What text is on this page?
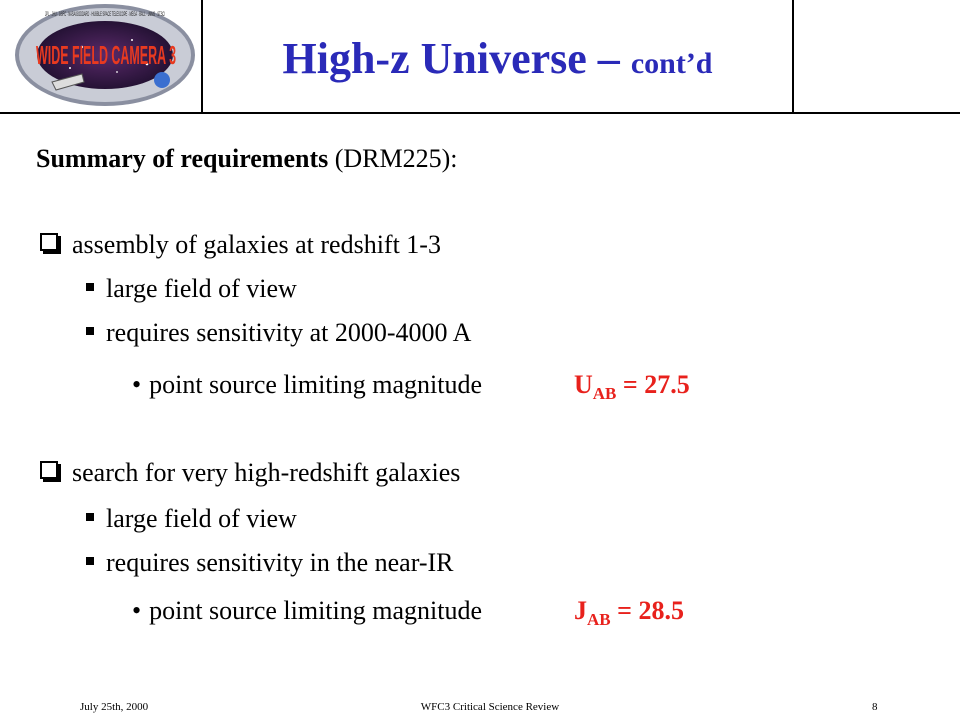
WIDE FIELD CAMERA 3
JPL · JHU · GSFC · NASA/GODDARD · HUBBLE SPACE TELESCOPE · MEGA · BALL · LMMS · STSCI
High-z Universe – cont’d
Summary of requirements (DRM225):
assembly of galaxies at redshift 1-3
large field of view
requires sensitivity at 2000-4000 A
• point source limiting magnitude	$U_{AB} = 27.5$
search for very high-redshift galaxies
large field of view
requires sensitivity in the near-IR
• point source limiting magnitude	$J_{AB} = 28.5$
July 25th, 2000	WFC3 Critical Science Review	8
